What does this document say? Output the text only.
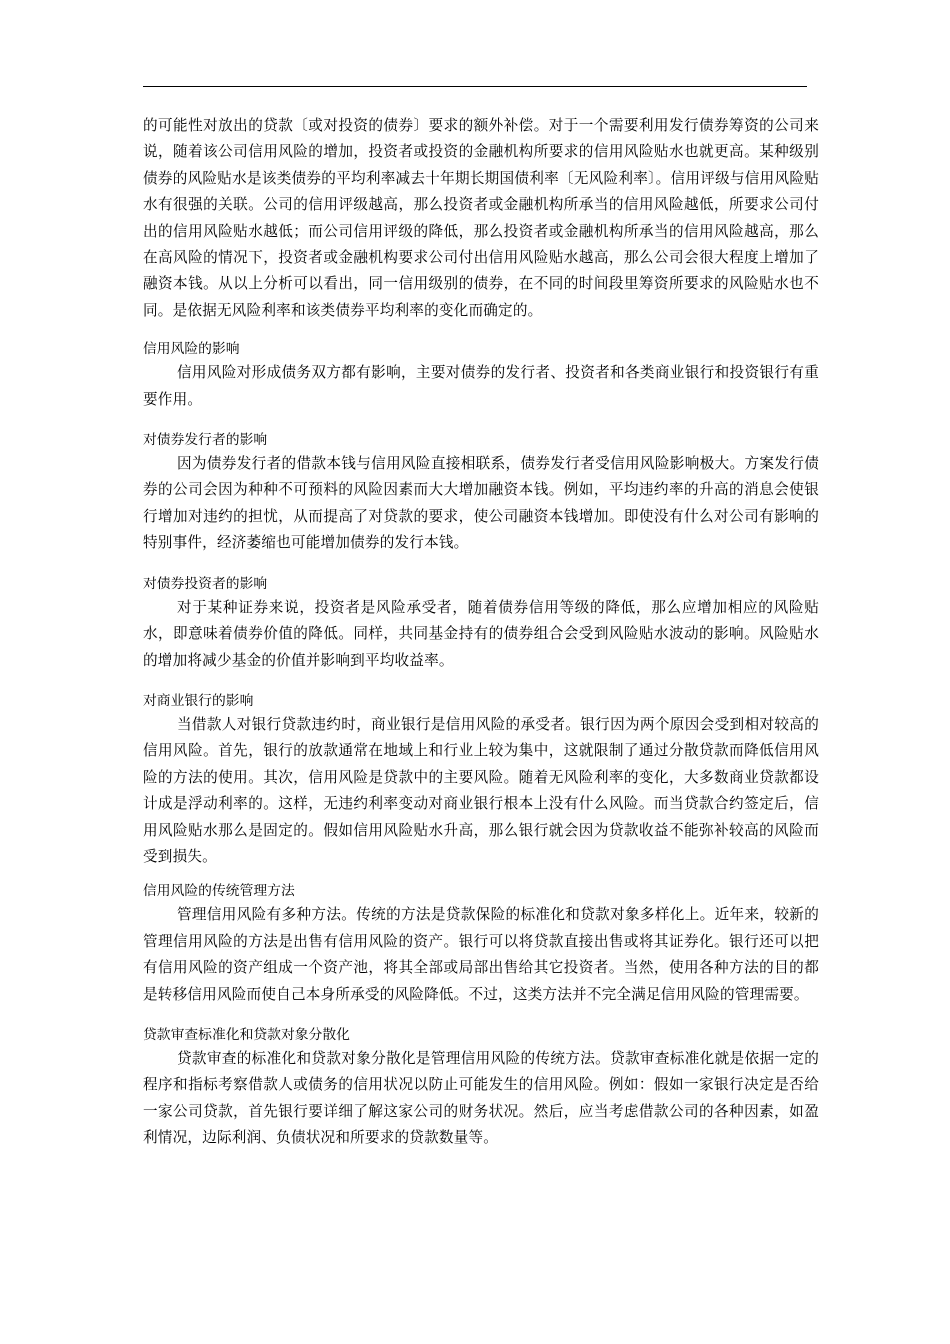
的可能性对放出的贷款〔或对投资的债券〕要求的额外补偿。对于一个需要利用发行债券筹资的公司来说，随着该公司信用风险的增加，投资者或投资的金融机构所要求的信用风险贴水也就更高。某种级别债券的风险贴水是该类债券的平均利率减去十年期长期国债利率〔无风险利率〕。信用评级与信用风险贴水有很强的关联。公司的信用评级越高，那么投资者或金融机构所承当的信用风险越低，所要求公司付出的信用风险贴水越低；而公司信用评级的降低，那么投资者或金融机构所承当的信用风险越高，那么在高风险的情况下，投资者或金融机构要求公司付出信用风险贴水越高，那么公司会很大程度上增加了融资本钱。从以上分析可以看出，同一信用级别的债券，在不同的时间段里筹资所要求的风险贴水也不同。是依据无风险利率和该类债券平均利率的变化而确定的。

信用风险的影响

信用风险对形成债务双方都有影响，主要对债券的发行者、投资者和各类商业银行和投资银行有重要作用。

对债券发行者的影响

因为债券发行者的借款本钱与信用风险直接相联系，债券发行者受信用风险影响极大。方案发行债券的公司会因为种种不可预料的风险因素而大大增加融资本钱。例如，平均违约率的升高的消息会使银行增加对违约的担忧，从而提高了对贷款的要求，使公司融资本钱增加。即使没有什么对公司有影响的特别事件，经济萎缩也可能增加债券的发行本钱。

对债券投资者的影响

对于某种证券来说，投资者是风险承受者，随着债券信用等级的降低，那么应增加相应的风险贴水，即意味着债券价值的降低。同样，共同基金持有的债券组合会受到风险贴水波动的影响。风险贴水的增加将减少基金的价值并影响到平均收益率。

对商业银行的影响

当借款人对银行贷款违约时，商业银行是信用风险的承受者。银行因为两个原因会受到相对较高的信用风险。首先，银行的放款通常在地域上和行业上较为集中，这就限制了通过分散贷款而降低信用风险的方法的使用。其次，信用风险是贷款中的主要风险。随着无风险利率的变化，大多数商业贷款都设计成是浮动利率的。这样，无违约利率变动对商业银行根本上没有什么风险。而当贷款合约签定后，信用风险贴水那么是固定的。假如信用风险贴水升高，那么银行就会因为贷款收益不能弥补较高的风险而受到损失。

信用风险的传统管理方法

管理信用风险有多种方法。传统的方法是贷款保险的标准化和贷款对象多样化上。近年来，较新的管理信用风险的方法是出售有信用风险的资产。银行可以将贷款直接出售或将其证券化。银行还可以把有信用风险的资产组成一个资产池，将其全部或局部出售给其它投资者。当然，使用各种方法的目的都是转移信用风险而使自己本身所承受的风险降低。不过，这类方法并不完全满足信用风险的管理需要。

贷款审查标准化和贷款对象分散化

贷款审查的标准化和贷款对象分散化是管理信用风险的传统方法。贷款审查标准化就是依据一定的程序和指标考察借款人或债务的信用状况以防止可能发生的信用风险。例如：假如一家银行决定是否给一家公司贷款，首先银行要详细了解这家公司的财务状况。然后，应当考虑借款公司的各种因素，如盈利情况，边际利润、负债状况和所要求的贷款数量等。
